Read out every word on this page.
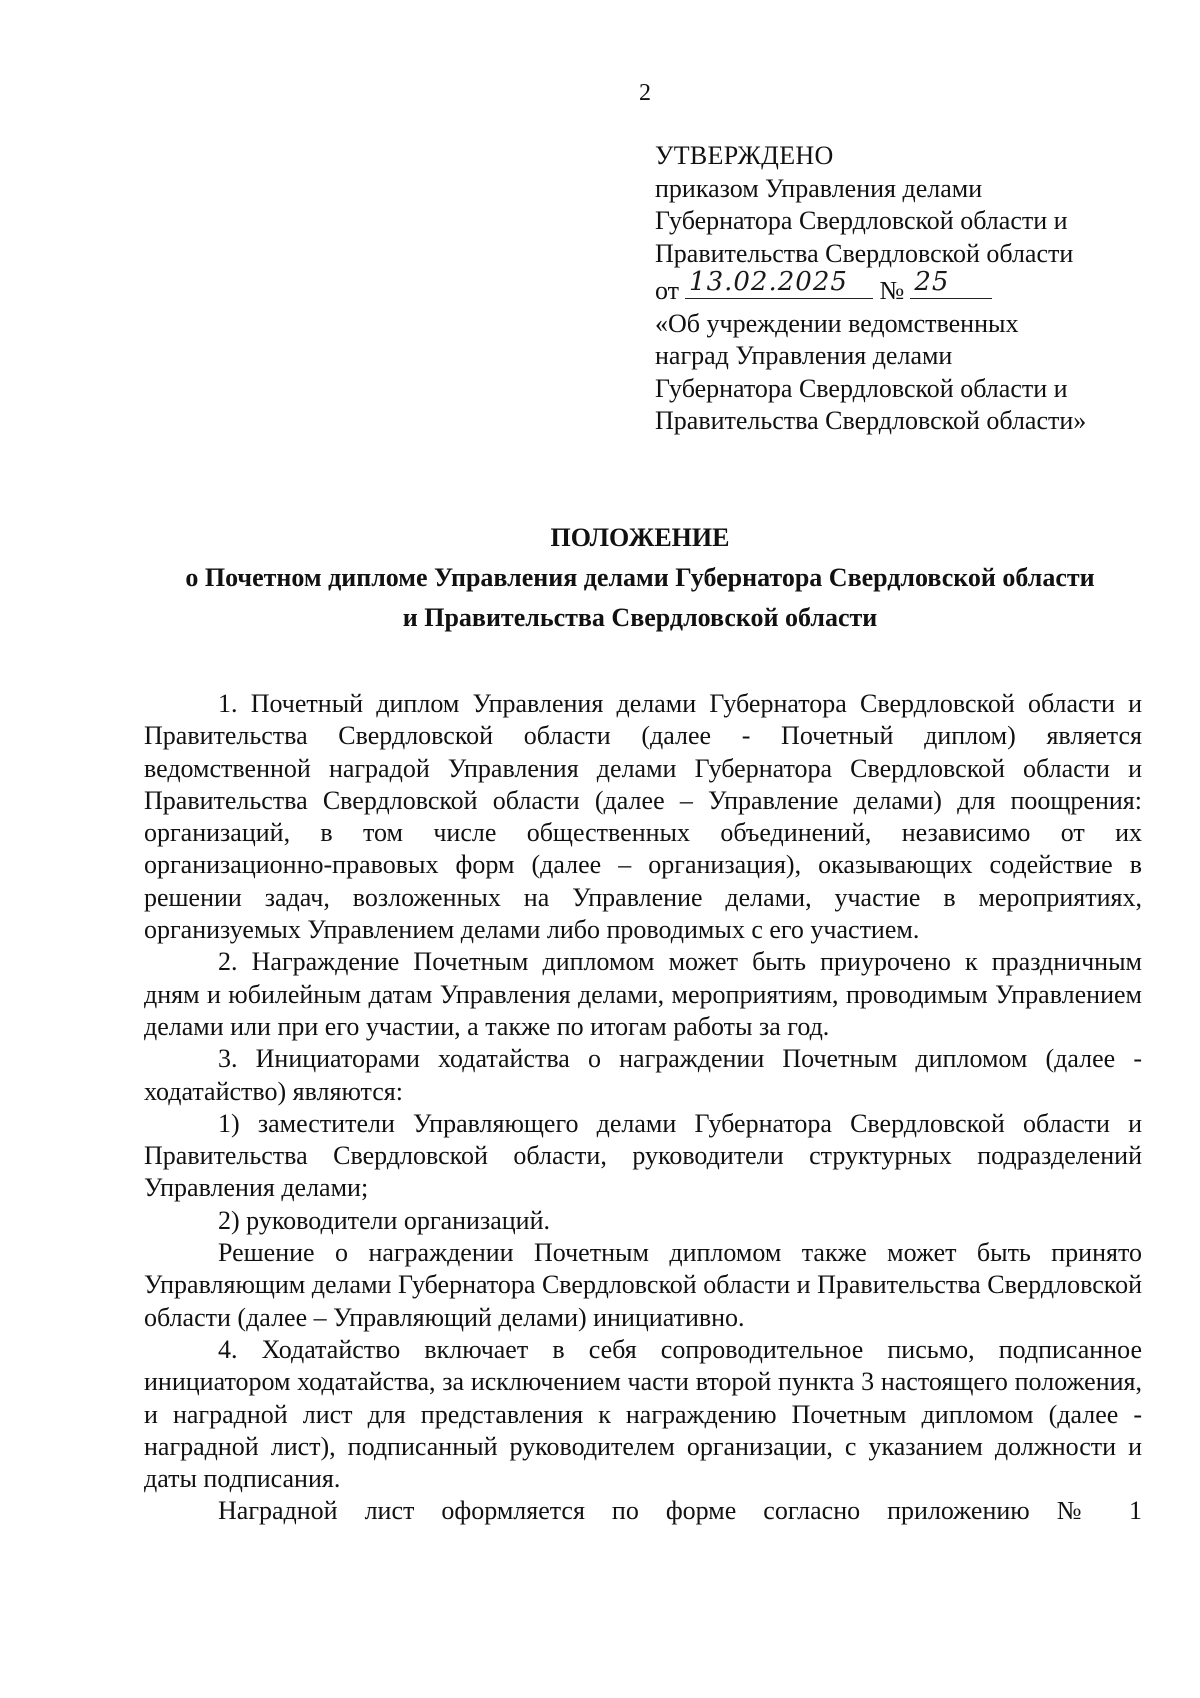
2
УТВЕРЖДЕНО
приказом Управления делами
Губернатора Свердловской области и
Правительства Свердловской области
от 13.02.2025 № 25
«Об учреждении ведомственных
наград Управления делами
Губернатора Свердловской области и
Правительства Свердловской области»
ПОЛОЖЕНИЕ
о Почетном дипломе Управления делами Губернатора Свердловской области
и Правительства Свердловской области

1. Почетный диплом Управления делами Губернатора Свердловской области и Правительства Свердловской области (далее - Почетный диплом) является ведомственной наградой Управления делами Губернатора Свердловской области и Правительства Свердловской области (далее – Управление делами) для поощрения: организаций, в том числе общественных объединений, независимо от их организационно-правовых форм (далее – организация), оказывающих содействие в решении задач, возложенных на Управление делами, участие в мероприятиях, организуемых Управлением делами либо проводимых с его участием.

2. Награждение Почетным дипломом может быть приурочено к праздничным дням и юбилейным датам Управления делами, мероприятиям, проводимым Управлением делами или при его участии, а также по итогам работы за год.

3. Инициаторами ходатайства о награждении Почетным дипломом (далее - ходатайство) являются:

1) заместители Управляющего делами Губернатора Свердловской области и Правительства Свердловской области, руководители структурных подразделений Управления делами;

2) руководители организаций.

Решение о награждении Почетным дипломом также может быть принято Управляющим делами Губернатора Свердловской области и Правительства Свердловской области (далее – Управляющий делами) инициативно.

4. Ходатайство включает в себя сопроводительное письмо, подписанное инициатором ходатайства, за исключением части второй пункта 3 настоящего положения, и наградной лист для представления к награждению Почетным дипломом (далее - наградной лист), подписанный руководителем организации, с указанием должности и даты подписания.

Наградной лист оформляется по форме согласно приложению № 1
